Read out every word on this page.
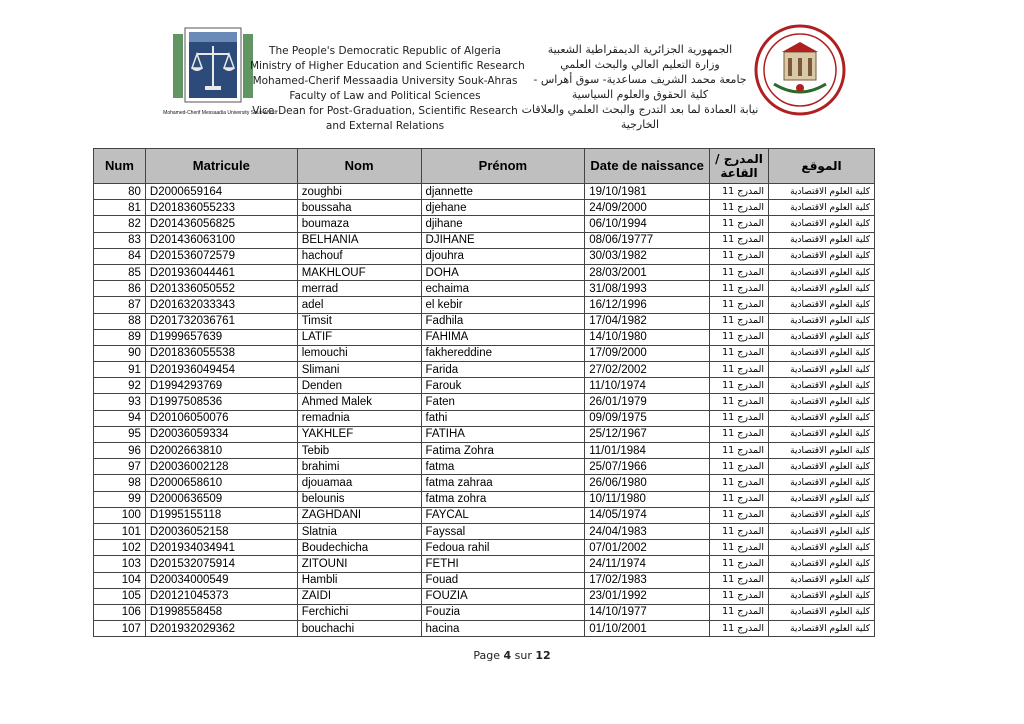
Mohamed-Cherif Messaadia University Souk-Ahras
The People's Democratic Republic of Algeria
Ministry of Higher Education and Scientific Research
Mohamed-Cherif Messaadia University Souk-Ahras
Faculty of Law and Political Sciences
Vice-Dean for Post-Graduation, Scientific Research
and External Relations
الجمهورية الجزائرية الديمقراطية الشعبية
وزارة التعليم العالي والبحث العلمي
جامعة محمد الشريف مساعدية- سوق أهراس -
كلية الحقوق والعلوم السياسية
نيابة العمادة لما بعد التدرج والبحث العلمي والعلاقات
الخارجية
Num	Matricule	Nom	Prénom	Date de naissance	المدرج / القاعة	الموقع
80	D2000659164	zoughbi	djannette	19/10/1981	المدرج 11	كلية العلوم الاقتصادية
81	D201836055233	boussaha	djehane	24/09/2000	المدرج 11	كلية العلوم الاقتصادية
82	D201436056825	boumaza	djihane	06/10/1994	المدرج 11	كلية العلوم الاقتصادية
83	D201436063100	BELHANIA	DJIHANE	08/06/19777	المدرج 11	كلية العلوم الاقتصادية
84	D201536072579	hachouf	djouhra	30/03/1982	المدرج 11	كلية العلوم الاقتصادية
85	D201936044461	MAKHLOUF	DOHA	28/03/2001	المدرج 11	كلية العلوم الاقتصادية
86	D201336050552	merrad	echaima	31/08/1993	المدرج 11	كلية العلوم الاقتصادية
87	D201632033343	adel	el kebir	16/12/1996	المدرج 11	كلية العلوم الاقتصادية
88	D201732036761	Timsit	Fadhila	17/04/1982	المدرج 11	كلية العلوم الاقتصادية
89	D1999657639	LATIF	FAHIMA	14/10/1980	المدرج 11	كلية العلوم الاقتصادية
90	D201836055538	lemouchi	fakhereddine	17/09/2000	المدرج 11	كلية العلوم الاقتصادية
91	D201936049454	Slimani	Farida	27/02/2002	المدرج 11	كلية العلوم الاقتصادية
92	D1994293769	Denden	Farouk	11/10/1974	المدرج 11	كلية العلوم الاقتصادية
93	D1997508536	Ahmed Malek	Faten	26/01/1979	المدرج 11	كلية العلوم الاقتصادية
94	D20106050076	remadnia	fathi	09/09/1975	المدرج 11	كلية العلوم الاقتصادية
95	D20036059334	YAKHLEF	FATIHA	25/12/1967	المدرج 11	كلية العلوم الاقتصادية
96	D2002663810	Tebib	Fatima Zohra	11/01/1984	المدرج 11	كلية العلوم الاقتصادية
97	D20036002128	brahimi	fatma	25/07/1966	المدرج 11	كلية العلوم الاقتصادية
98	D2000658610	djouamaa	fatma zahraa	26/06/1980	المدرج 11	كلية العلوم الاقتصادية
99	D2000636509	belounis	fatma zohra	10/11/1980	المدرج 11	كلية العلوم الاقتصادية
100	D1995155118	ZAGHDANI	FAYCAL	14/05/1974	المدرج 11	كلية العلوم الاقتصادية
101	D20036052158	Slatnia	Fayssal	24/04/1983	المدرج 11	كلية العلوم الاقتصادية
102	D201934034941	Boudechicha	Fedoua rahil	07/01/2002	المدرج 11	كلية العلوم الاقتصادية
103	D201532075914	ZITOUNI	FETHI	24/11/1974	المدرج 11	كلية العلوم الاقتصادية
104	D20034000549	Hambli	Fouad	17/02/1983	المدرج 11	كلية العلوم الاقتصادية
105	D20121045373	ZAIDI	FOUZIA	23/01/1992	المدرج 11	كلية العلوم الاقتصادية
106	D1998558458	Ferchichi	Fouzia	14/10/1977	المدرج 11	كلية العلوم الاقتصادية
107	D201932029362	bouchachi	hacina	01/10/2001	المدرج 11	كلية العلوم الاقتصادية
Page 4 sur 12
